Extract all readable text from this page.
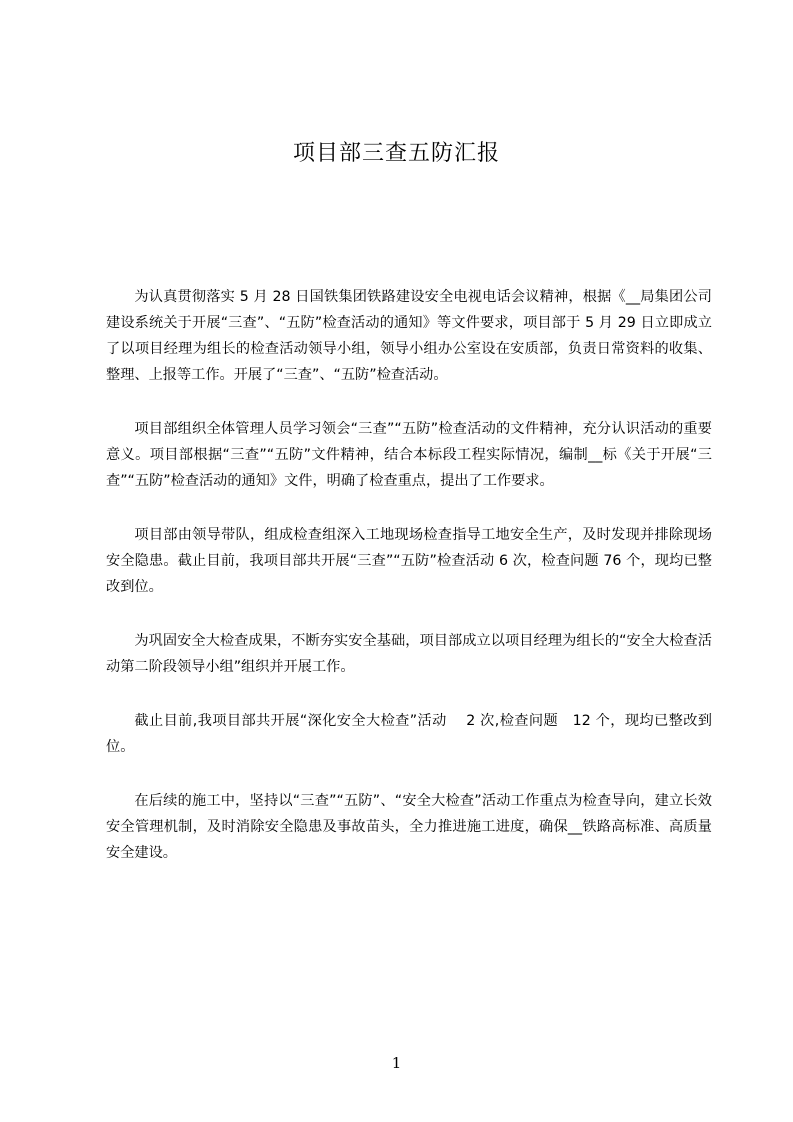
项目部三查五防汇报

为认真贯彻落实 5 月 28 日国铁集团铁路建设安全电视电话会议精神，根据《__局集团公司建设系统关于开展“三查”、“五防”检查活动的通知》等文件要求，项目部于 5 月 29 日立即成立了以项目经理为组长的检查活动领导小组，领导小组办公室设在安质部，负责日常资料的收集、整理、上报等工作。开展了“三查”、“五防”检查活动。

项目部组织全体管理人员学习领会“三查”“五防”检查活动的文件精神，充分认识活动的重要意义。项目部根据“三查”“五防”文件精神，结合本标段工程实际情况，编制__标《关于开展“三查”“五防”检查活动的通知》文件，明确了检查重点，提出了工作要求。

项目部由领导带队，组成检查组深入工地现场检查指导工地安全生产，及时发现并排除现场安全隐患。截止目前，我项目部共开展“三查”“五防”检查活动 6 次，检查问题 76 个，现均已整改到位。

为巩固安全大检查成果，不断夯实安全基础，项目部成立以项目经理为组长的“安全大检查活动第二阶段领导小组”组织并开展工作。

截止目前,我项目部共开展“深化安全大检查”活动　 2 次,检查问题　12 个，现均已整改到位。

在后续的施工中，坚持以“三查”“五防”、“安全大检查”活动工作重点为检查导向，建立长效安全管理机制，及时消除安全隐患及事故苗头，全力推进施工进度，确保__铁路高标准、高质量安全建设。

1
